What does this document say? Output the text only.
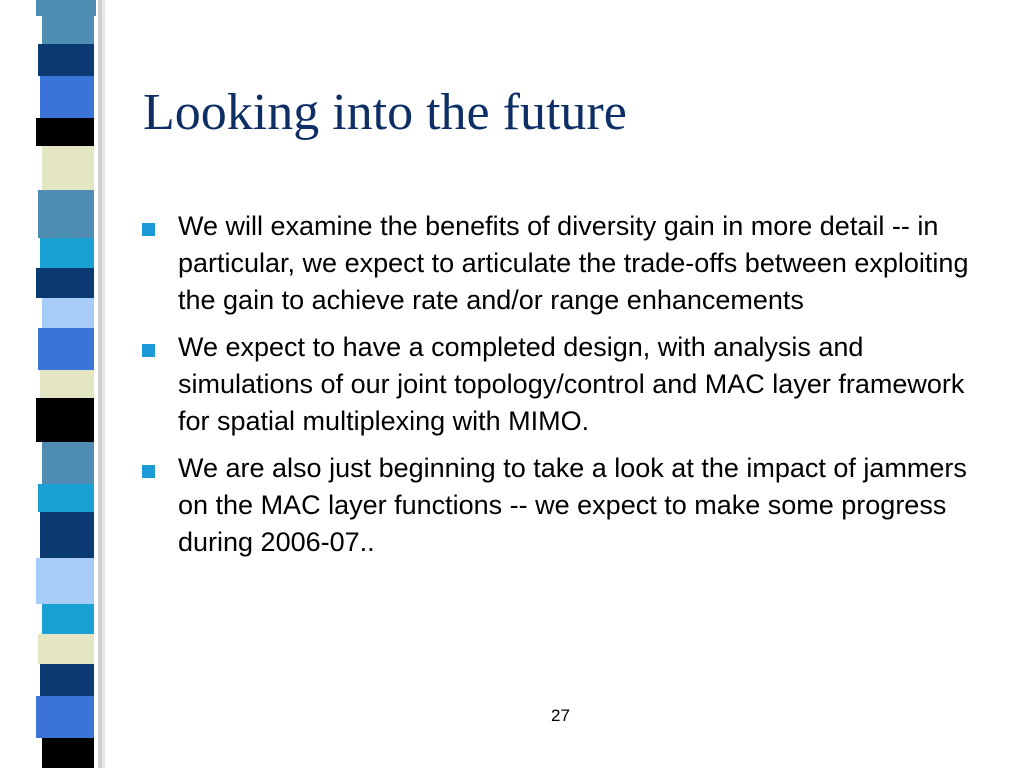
Looking into the future
We will examine the benefits of diversity gain in more detail -- in particular, we expect to articulate the trade-offs between exploiting the gain to achieve rate and/or range enhancements
We expect to have a completed design, with analysis and simulations of our joint topology/control and MAC layer framework for spatial multiplexing with MIMO.
We are also just beginning to take a look at the impact of jammers on the MAC layer functions -- we expect to make some progress during 2006-07..
27
